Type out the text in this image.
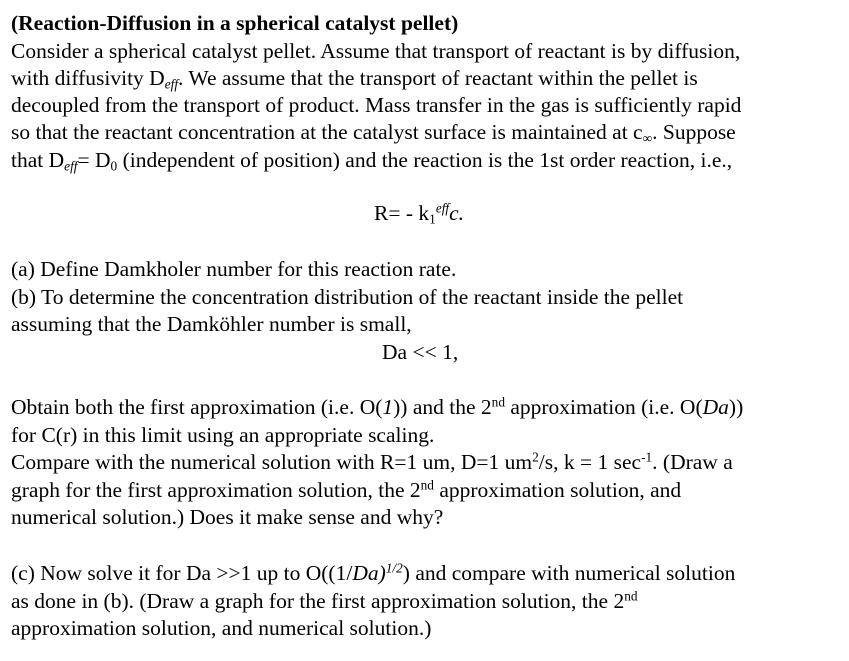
(Reaction-Diffusion in a spherical catalyst pellet)
Consider a spherical catalyst pellet. Assume that transport of reactant is by diffusion,
with diffusivity $D_{eff}$. We assume that the transport of reactant within the pellet is
decoupled from the transport of product. Mass transfer in the gas is sufficiently rapid
so that the reactant concentration at the catalyst surface is maintained at $c_\infty$. Suppose
that $D_{eff}= D_0$ (independent of position) and the reaction is the 1st order reaction, i.e.,
$R= - k_1^{eff}c$.
(a) Define Damkholer number for this reaction rate.
(b) To determine the concentration distribution of the reactant inside the pellet
assuming that the Damköhler number is small,
Da << 1,
Obtain both the first approximation (i.e. O(1)) and the 2nd approximation (i.e. O(Da))
for C(r) in this limit using an appropriate scaling.
Compare with the numerical solution with R=1 um, D=1 $um^2/s$, k = 1 $\sec^{-1}$. (Draw a
graph for the first approximation solution, the 2nd approximation solution, and
numerical solution.) Does it make sense and why?
(c) Now solve it for Da >>1 up to $O((1/Da)^{1/2})$ and compare with numerical solution
as done in (b). (Draw a graph for the first approximation solution, the 2nd
approximation solution, and numerical solution.)
